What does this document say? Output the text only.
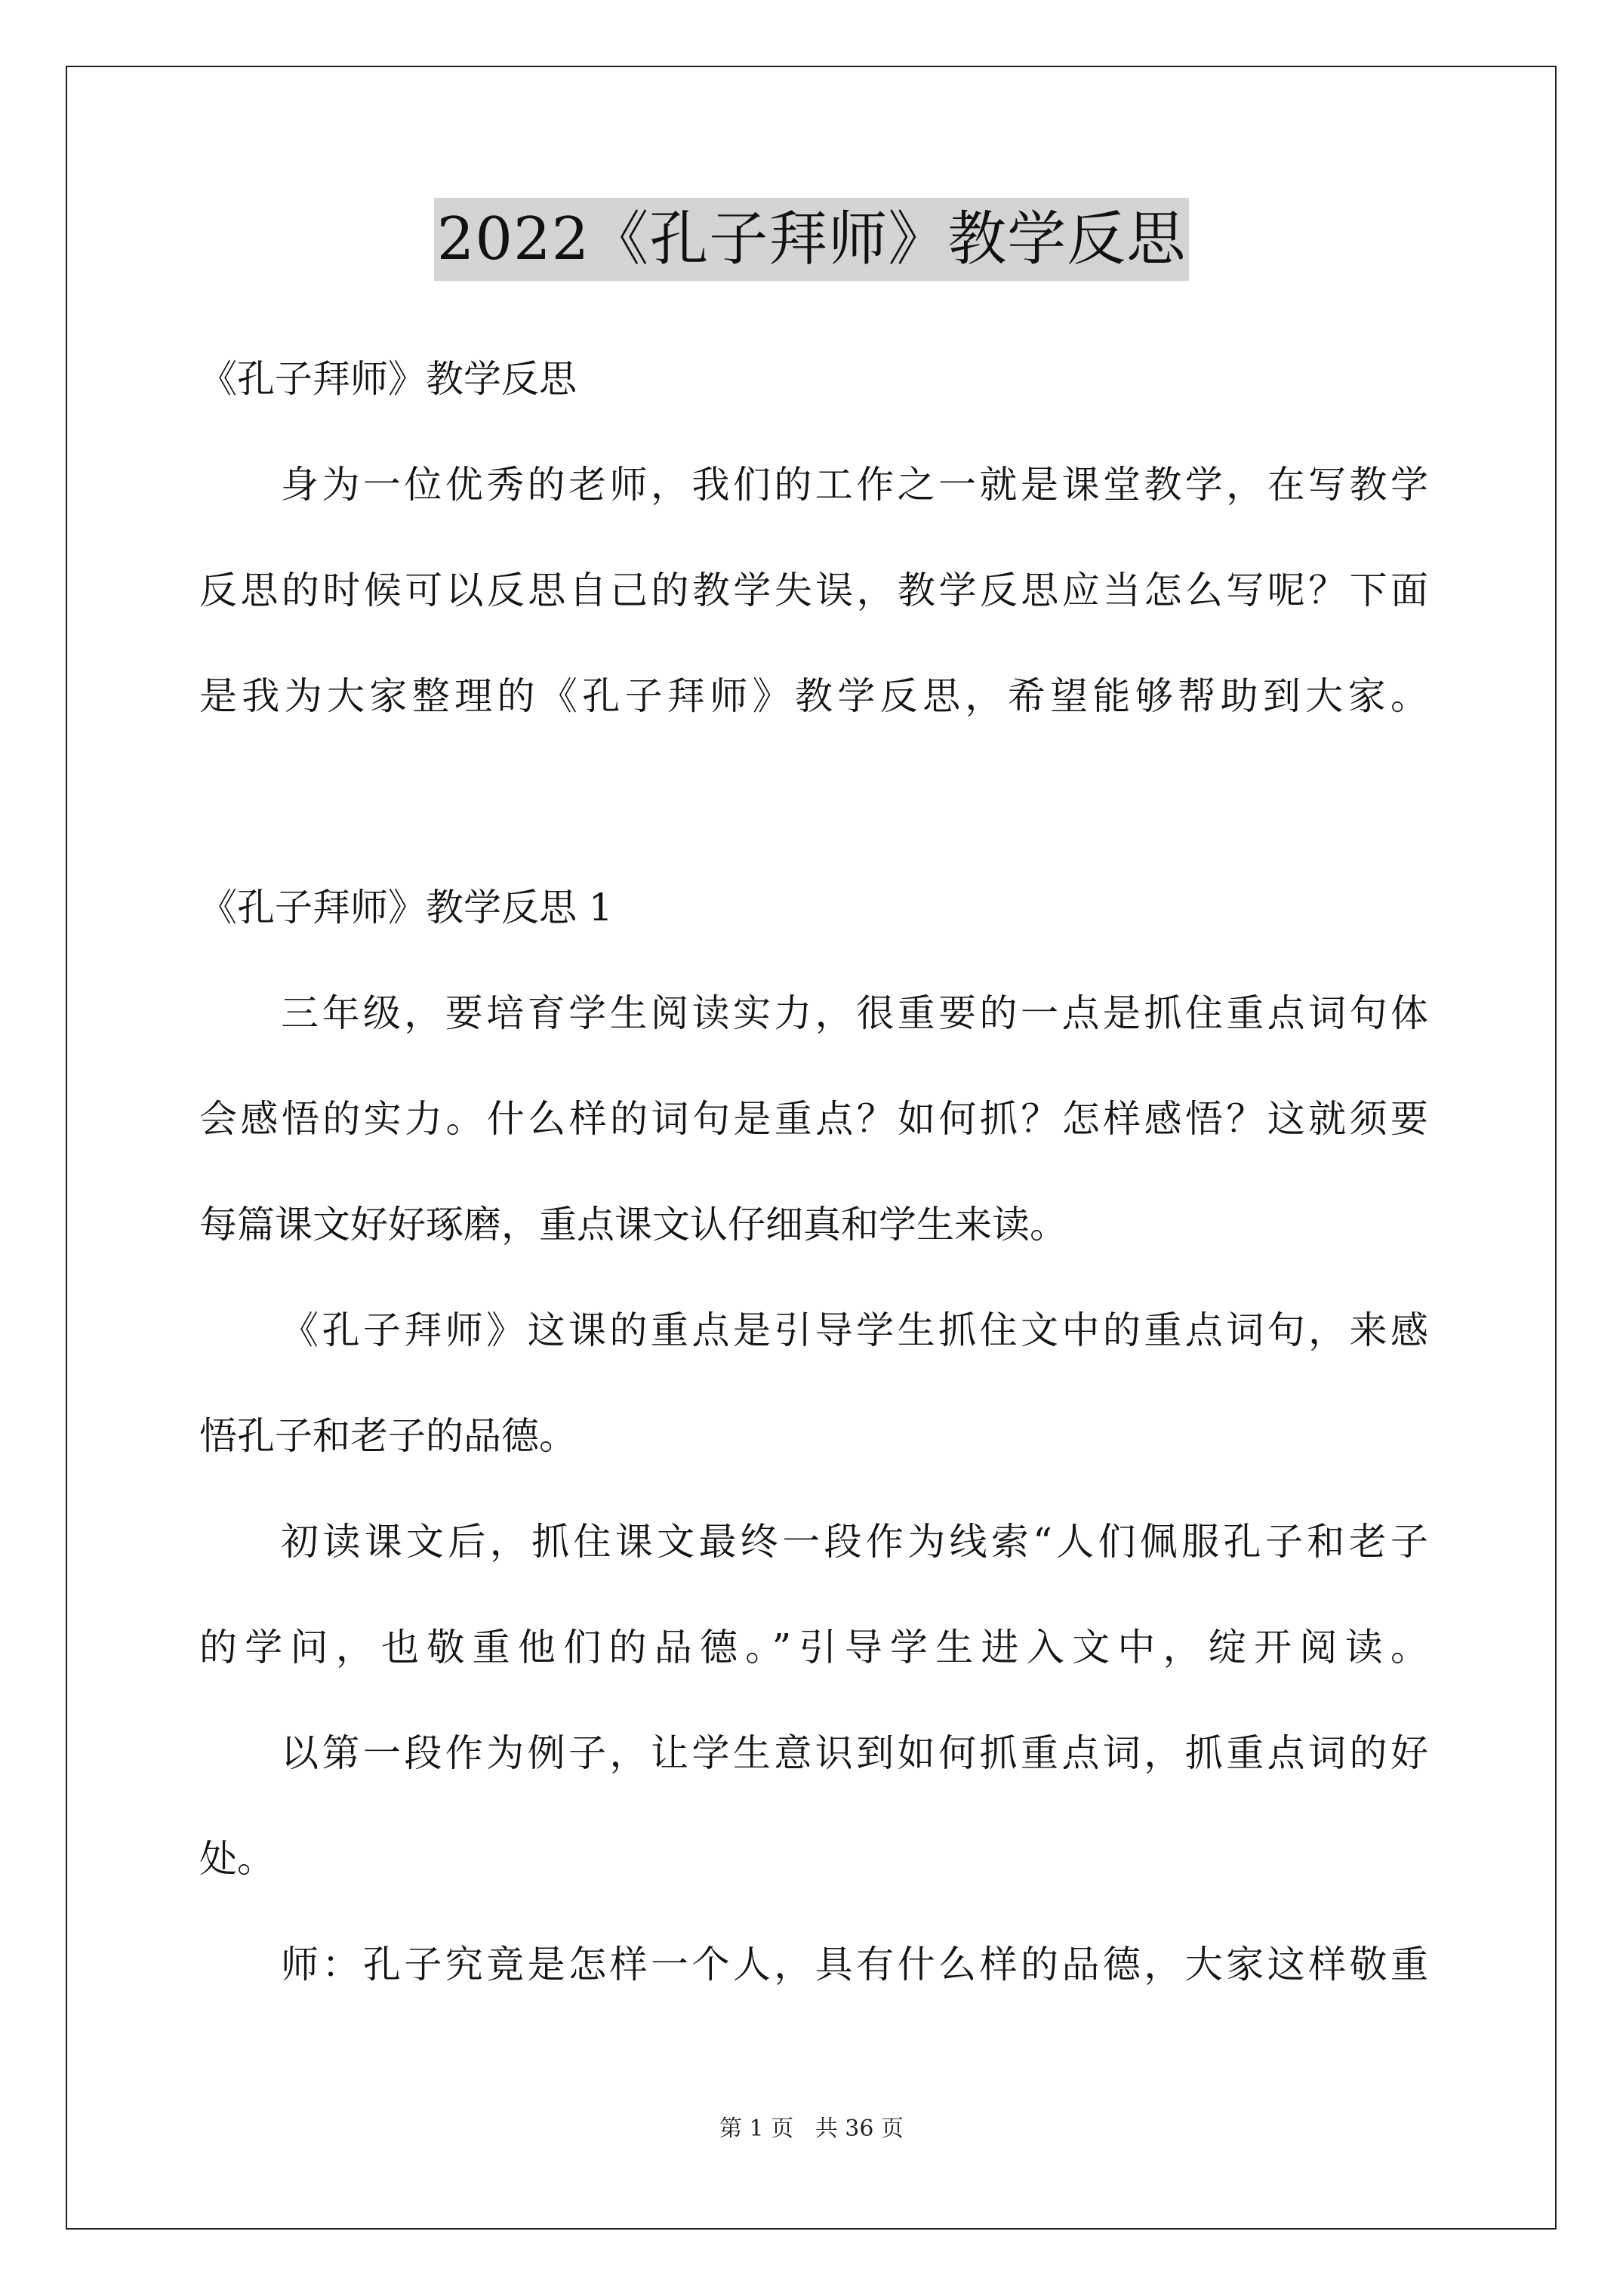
2022《孔子拜师》教学反思
《孔子拜师》教学反思
身为一位优秀的老师，我们的工作之一就是课堂教学，在写教学
反思的时候可以反思自己的教学失误，教学反思应当怎么写呢？下面
是我为大家整理的《孔子拜师》教学反思，希望能够帮助到大家。
《孔子拜师》教学反思 1
三年级，要培育学生阅读实力，很重要的一点是抓住重点词句体
会感悟的实力。什么样的词句是重点？如何抓？怎样感悟？这就须要
每篇课文好好琢磨，重点课文认仔细真和学生来读。
《孔子拜师》这课的重点是引导学生抓住文中的重点词句，来感
悟孔子和老子的品德。
初读课文后，抓住课文最终一段作为线索“人们佩服孔子和老子
的学问，也敬重他们的品德。”引导学生进入文中，绽开阅读。
以第一段作为例子，让学生意识到如何抓重点词，抓重点词的好
处。
师：孔子究竟是怎样一个人，具有什么样的品德，大家这样敬重
第 1 页   共 36 页
